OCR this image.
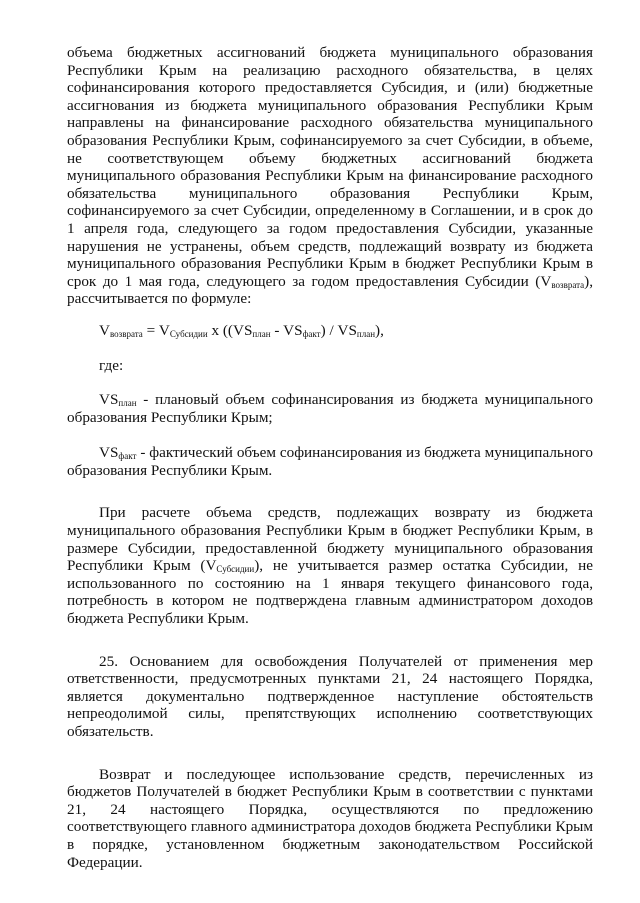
объема бюджетных ассигнований бюджета муниципального образования Республики Крым на реализацию расходного обязательства, в целях софинансирования которого предоставляется Субсидия, и (или) бюджетные ассигнования из бюджета муниципального образования Республики Крым направлены на финансирование расходного обязательства муниципального образования Республики Крым, софинансируемого за счет Субсидии, в объеме, не соответствующем объему бюджетных ассигнований бюджета муниципального образования Республики Крым на финансирование расходного обязательства муниципального образования Республики Крым, софинансируемого за счет Субсидии, определенному в Соглашении, и в срок до 1 апреля года, следующего за годом предоставления Субсидии, указанные нарушения не устранены, объем средств, подлежащий возврату из бюджета муниципального образования Республики Крым в бюджет Республики Крым в срок до 1 мая года, следующего за годом предоставления Субсидии $(V_{возврата})$, рассчитывается по формуле:

$V_{возврата} = V_{Субсидии}$ х $((VS_{план} - VS_{факт}) / VS_{план})$,

где:

$VS_{план}$ - плановый объем софинансирования из бюджета муниципального образования Республики Крым;

$VS_{факт}$ - фактический объем софинансирования из бюджета муниципального образования Республики Крым.

При расчете объема средств, подлежащих возврату из бюджета муниципального образования Республики Крым в бюджет Республики Крым, в размере Субсидии, предоставленной бюджету муниципального образования Республики Крым $(V_{Субсидии})$, не учитывается размер остатка Субсидии, не использованного по состоянию на 1 января текущего финансового года, потребность в котором не подтверждена главным администратором доходов бюджета Республики Крым.

25. Основанием для освобождения Получателей от применения мер ответственности, предусмотренных пунктами 21, 24 настоящего Порядка, является документально подтвержденное наступление обстоятельств непреодолимой силы, препятствующих исполнению соответствующих обязательств.

Возврат и последующее использование средств, перечисленных из бюджетов Получателей в бюджет Республики Крым в соответствии с пунктами 21, 24 настоящего Порядка, осуществляются по предложению соответствующего главного администратора доходов бюджета Республики Крым в порядке, установленном бюджетным законодательством Российской Федерации.
